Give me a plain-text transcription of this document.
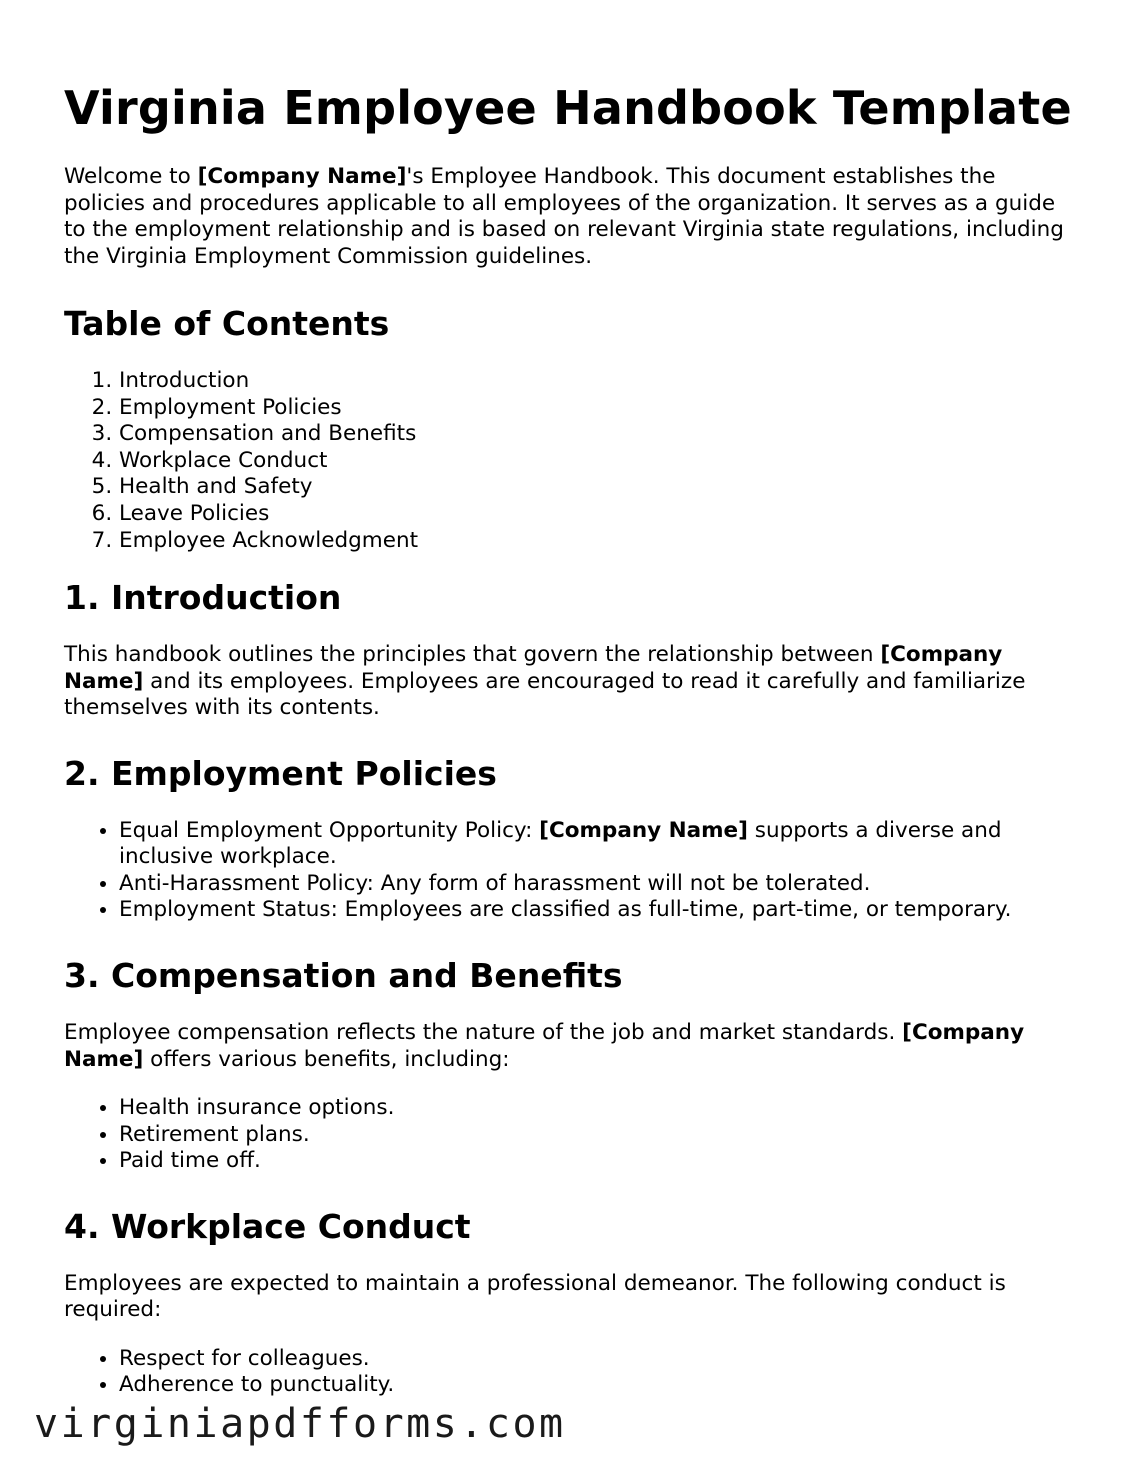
Virginia Employee Handbook Template

Welcome to [Company Name]'s Employee Handbook. This document establishes the policies and procedures applicable to all employees of the organization. It serves as a guide to the employment relationship and is based on relevant Virginia state regulations, including the Virginia Employment Commission guidelines.

Table of Contents
1. Introduction
2. Employment Policies
3. Compensation and Benefits
4. Workplace Conduct
5. Health and Safety
6. Leave Policies
7. Employee Acknowledgment
1. Introduction

This handbook outlines the principles that govern the relationship between [Company Name] and its employees. Employees are encouraged to read it carefully and familiarize themselves with its contents.

2. Employment Policies
• Equal Employment Opportunity Policy: [Company Name] supports a diverse and inclusive workplace.
• Anti-Harassment Policy: Any form of harassment will not be tolerated.
• Employment Status: Employees are classified as full-time, part-time, or temporary.
3. Compensation and Benefits

Employee compensation reflects the nature of the job and market standards. [Company Name] offers various benefits, including:

• Health insurance options.
• Retirement plans.
• Paid time off.
4. Workplace Conduct

Employees are expected to maintain a professional demeanor. The following conduct is required:

• Respect for colleagues.
• Adherence to punctuality.
virginiapdfforms.com
